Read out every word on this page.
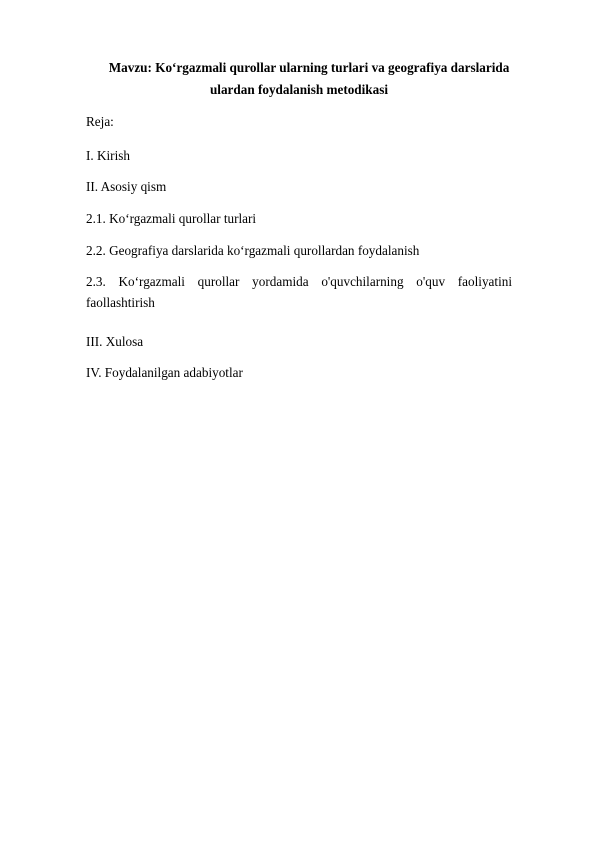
Mavzu: Koʻrgazmali qurollar ularning turlari va geografiya darslarida
ulardan foydalanish metodikasi
Reja:
I. Kirish
II. Asosiy qism
2.1. Koʻrgazmali qurollar turlari
2.2. Geografiya darslarida koʻrgazmali qurollardan foydalanish
2.3. Koʻrgazmali qurollar yordamida o'quvchilarning o'quv faoliyatini
faollashtirish
III. Xulosa
IV. Foydalanilgan adabiyotlar
